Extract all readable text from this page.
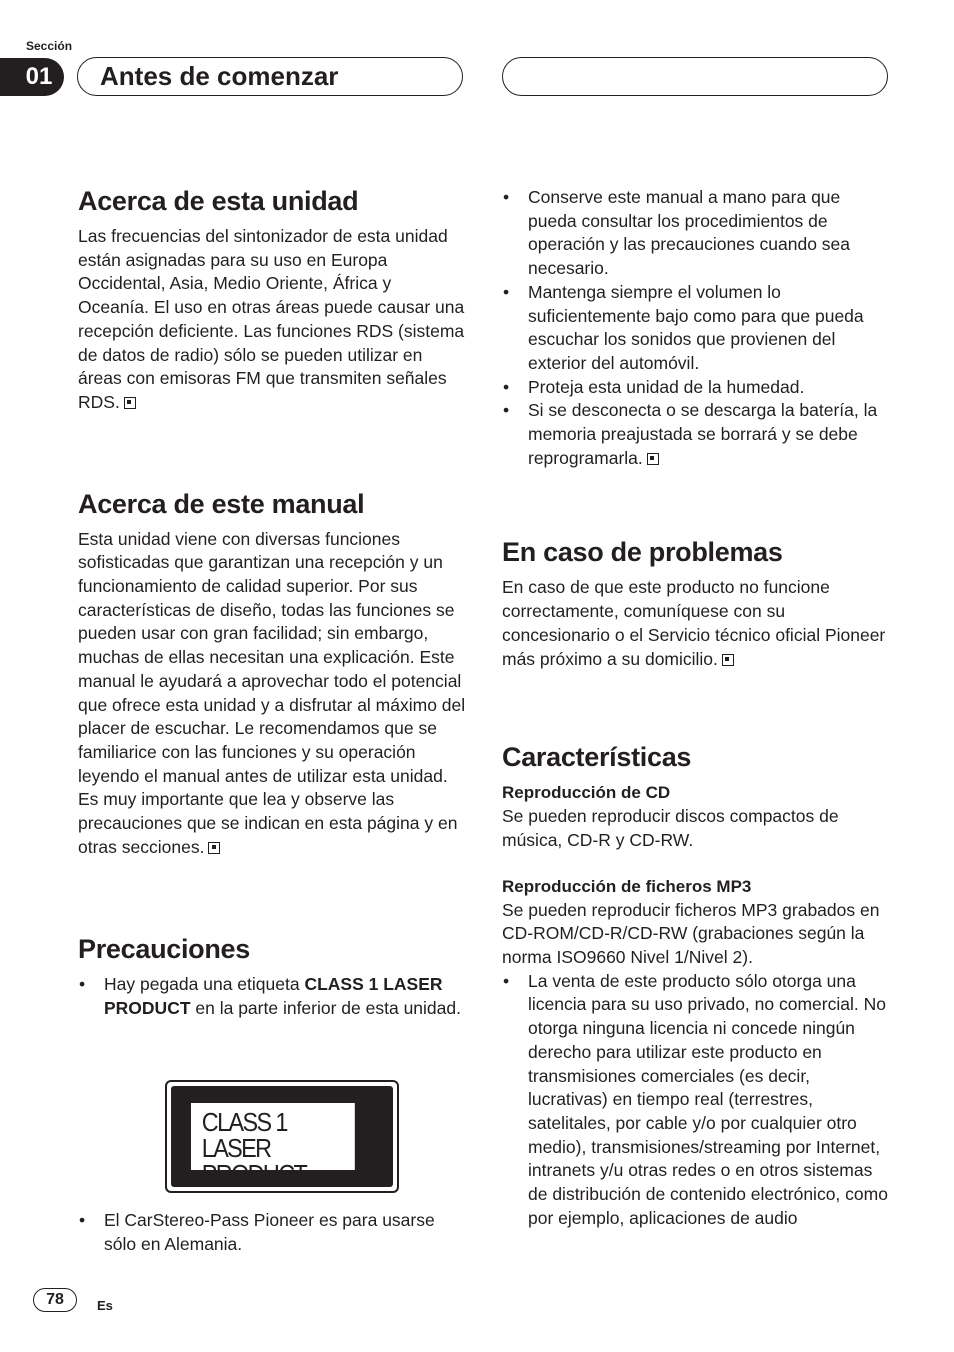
Sección
01	Antes de comenzar
Acerca de esta unidad

Las frecuencias del sintonizador de esta unidad están asignadas para su uso en Europa Occidental, Asia, Medio Oriente, África y Oceanía. El uso en otras áreas puede causar una recepción deficiente. Las funciones RDS (sistema de datos de radio) sólo se pueden utilizar en áreas con emisoras FM que transmiten señales RDS.

Acerca de este manual

Esta unidad viene con diversas funciones sofisticadas que garantizan una recepción y un funcionamiento de calidad superior. Por sus características de diseño, todas las funciones se pueden usar con gran facilidad; sin embargo, muchas de ellas necesitan una explicación. Este manual le ayudará a aprovechar todo el potencial que ofrece esta unidad y a disfrutar al máximo del placer de escuchar. Le recomendamos que se familiarice con las funciones y su operación leyendo el manual antes de utilizar esta unidad. Es muy importante que lea y observe las precauciones que se indican en esta página y en otras secciones.

Precauciones
• Hay pegada una etiqueta CLASS 1 LASER PRODUCT en la parte inferior de esta unidad.
CLASS 1
LASER PRODUCT
• El CarStereo-Pass Pioneer es para usarse sólo en Alemania.
• Conserve este manual a mano para que pueda consultar los procedimientos de operación y las precauciones cuando sea necesario.
• Mantenga siempre el volumen lo suficientemente bajo como para que pueda escuchar los sonidos que provienen del exterior del automóvil.
• Proteja esta unidad de la humedad.
• Si se desconecta o se descarga la batería, la memoria preajustada se borrará y se debe reprogramarla.
En caso de problemas

En caso de que este producto no funcione correctamente, comuníquese con su concesionario o el Servicio técnico oficial Pioneer más próximo a su domicilio.

Características
Reproducción de CD

Se pueden reproducir discos compactos de música, CD-R y CD-RW.

Reproducción de ficheros MP3

Se pueden reproducir ficheros MP3 grabados en CD-ROM/CD-R/CD-RW (grabaciones según la norma ISO9660 Nivel 1/Nivel 2).

• La venta de este producto sólo otorga una licencia para su uso privado, no comercial. No otorga ninguna licencia ni concede ningún derecho para utilizar este producto en transmisiones comerciales (es decir, lucrativas) en tiempo real (terrestres, satelitales, por cable y/o por cualquier otro medio), transmisiones/streaming por Internet, intranets y/u otras redes o en otros sistemas de distribución de contenido electrónico, como por ejemplo, aplicaciones de audio
78	Es
